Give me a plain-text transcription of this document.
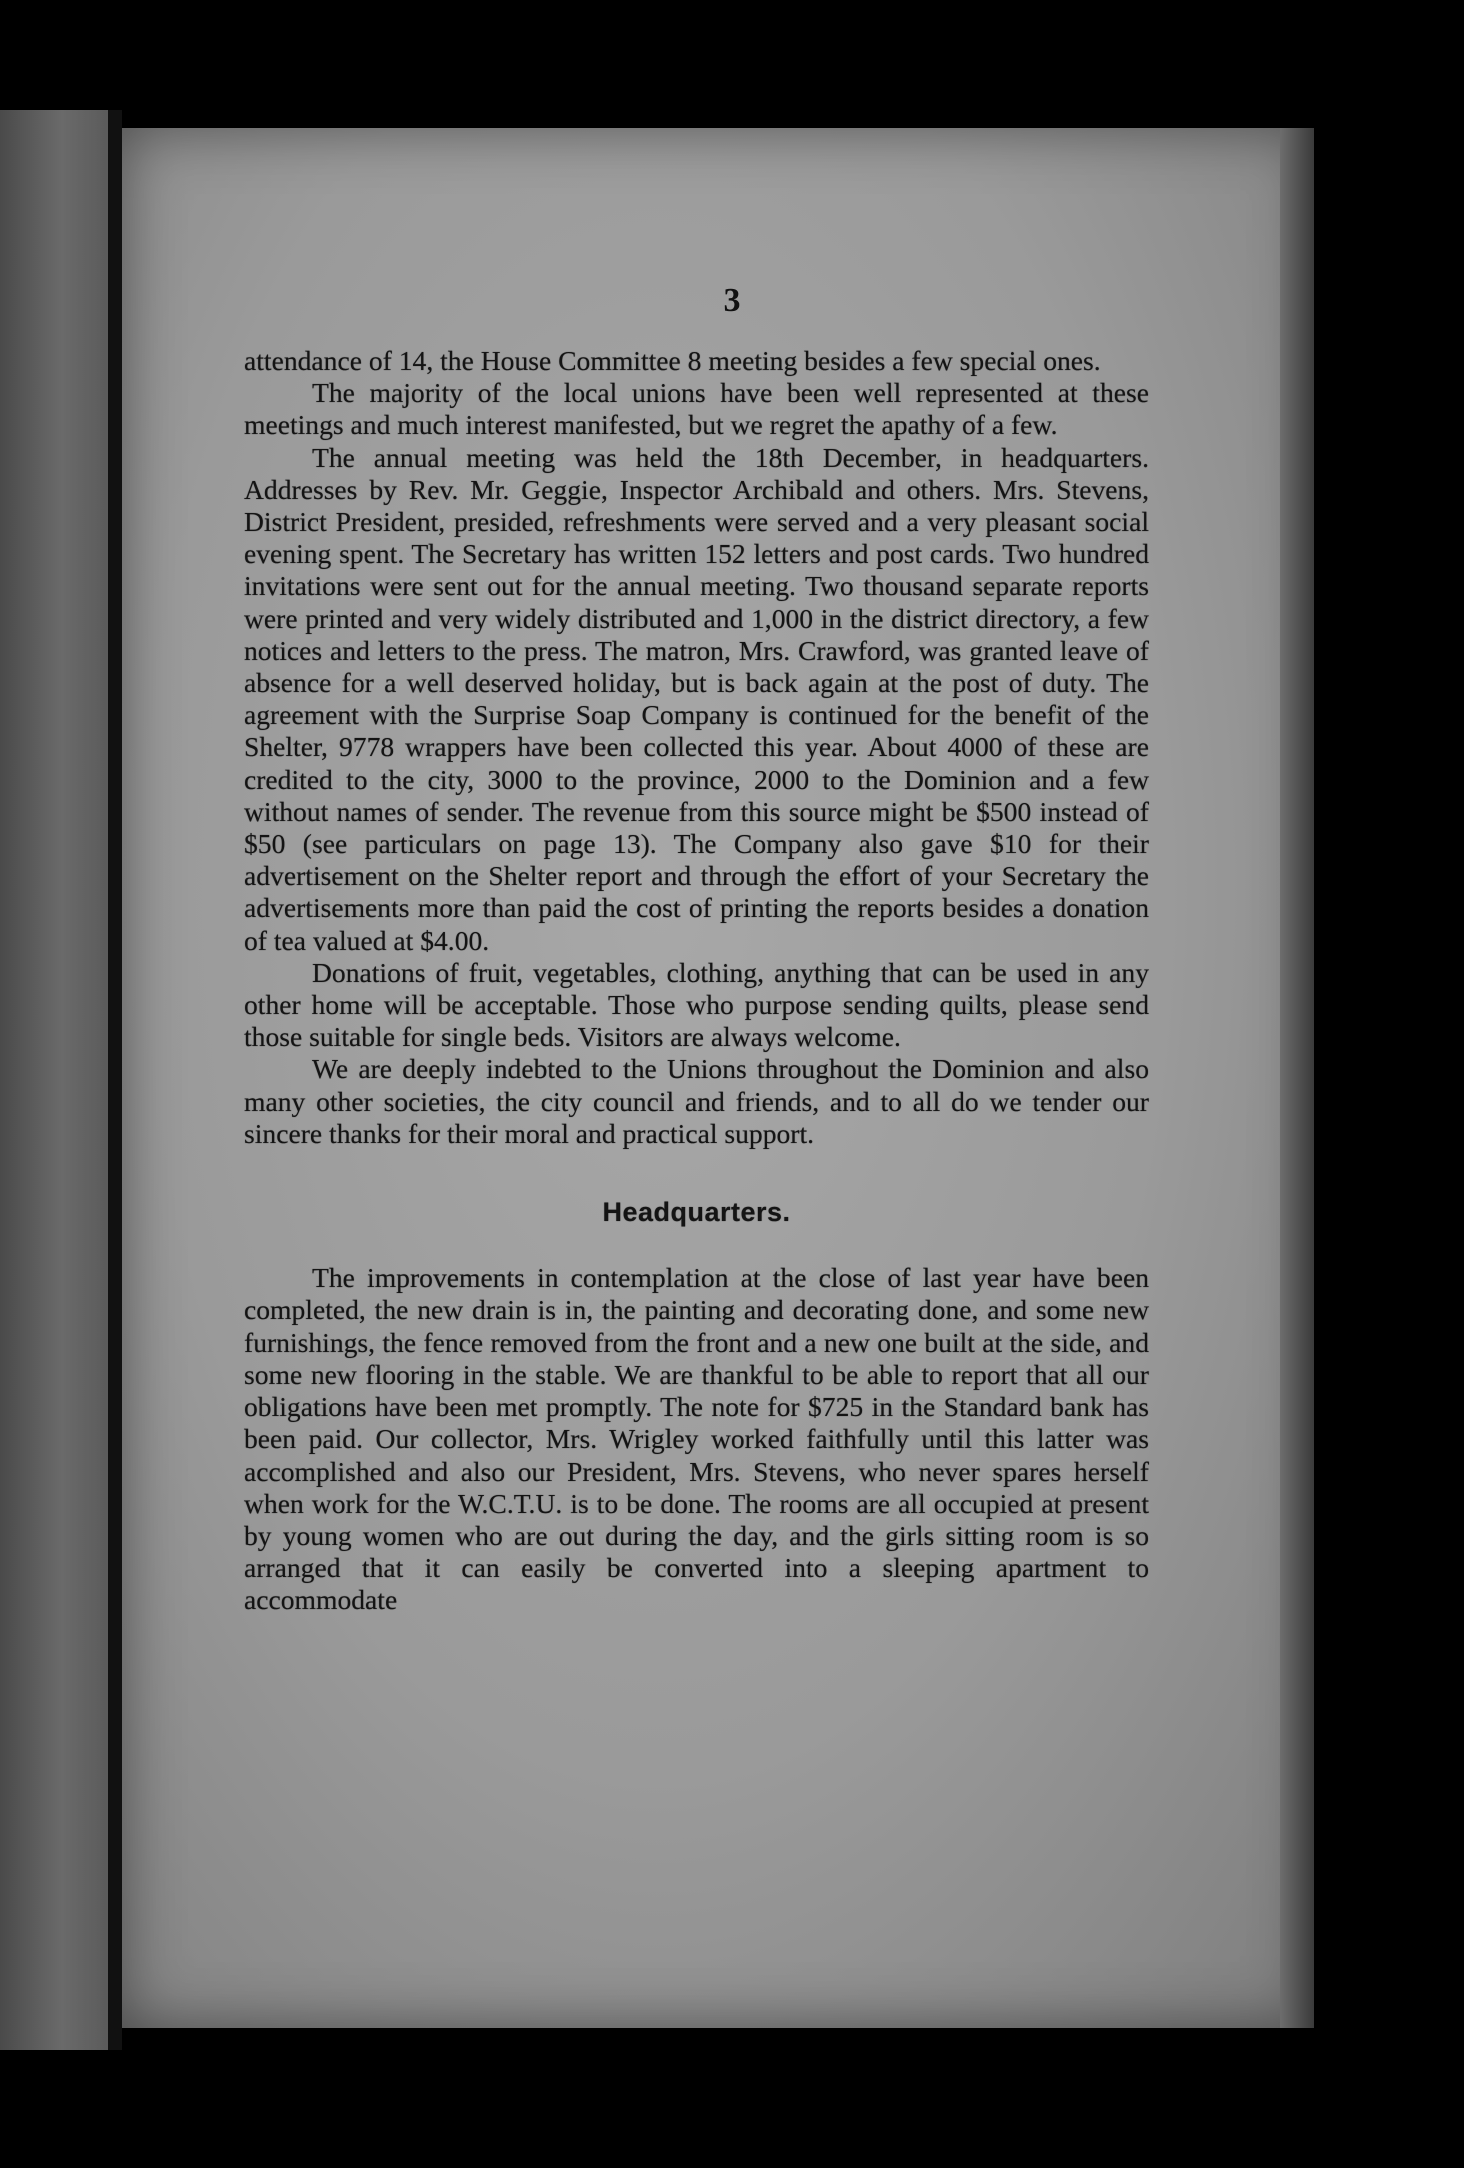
3

attendance of 14, the House Committee 8 meeting besides a few special ones.

The majority of the local unions have been well represented at these meetings and much interest manifested, but we regret the apathy of a few.

The annual meeting was held the 18th December, in headquarters. Addresses by Rev. Mr. Geggie, Inspector Archibald and others. Mrs. Stevens, District President, presided, refreshments were served and a very pleasant social evening spent. The Secretary has written 152 letters and post cards. Two hundred invitations were sent out for the annual meeting. Two thousand separate reports were printed and very widely distributed and 1,000 in the district directory, a few notices and letters to the press. The matron, Mrs. Crawford, was granted leave of absence for a well deserved holiday, but is back again at the post of duty. The agreement with the Surprise Soap Company is continued for the benefit of the Shelter, 9778 wrappers have been collected this year. About 4000 of these are credited to the city, 3000 to the province, 2000 to the Dominion and a few without names of sender. The revenue from this source might be $500 instead of $50 (see particulars on page 13). The Company also gave $10 for their advertisement on the Shelter report and through the effort of your Secretary the advertisements more than paid the cost of printing the reports besides a donation of tea valued at $4.00.

Donations of fruit, vegetables, clothing, anything that can be used in any other home will be acceptable. Those who purpose sending quilts, please send those suitable for single beds. Visitors are always welcome.

We are deeply indebted to the Unions throughout the Dominion and also many other societies, the city council and friends, and to all do we tender our sincere thanks for their moral and practical support.

Headquarters.

The improvements in contemplation at the close of last year have been completed, the new drain is in, the painting and decorating done, and some new furnishings, the fence removed from the front and a new one built at the side, and some new flooring in the stable. We are thankful to be able to report that all our obligations have been met promptly. The note for $725 in the Standard bank has been paid. Our collector, Mrs. Wrigley worked faithfully until this latter was accomplished and also our President, Mrs. Stevens, who never spares herself when work for the W.C.T.U. is to be done. The rooms are all occupied at present by young women who are out during the day, and the girls sitting room is so arranged that it can easily be converted into a sleeping apartment to accommodate
